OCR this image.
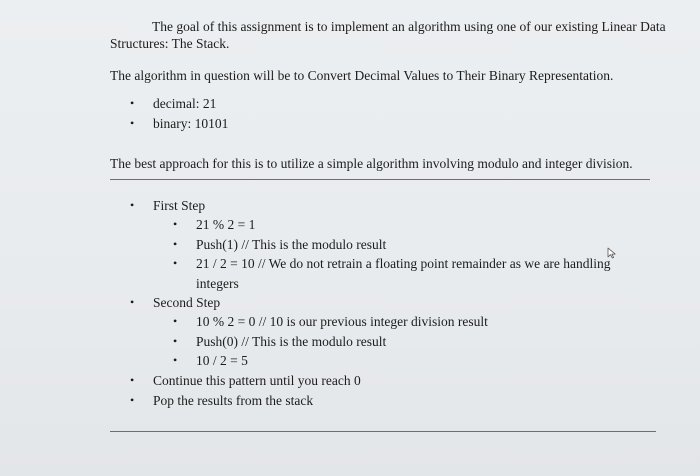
The goal of this assignment is to implement an algorithm using one of our existing Linear Data Structures: The Stack.
The algorithm in question will be to Convert Decimal Values to Their Binary Representation.
• decimal: 21
• binary: 10101
The best approach for this is to utilize a simple algorithm involving modulo and integer division.
• First Step
• 21 % 2 = 1
• Push(1) // This is the modulo result
• 21 / 2 = 10 // We do not retrain a floating point remainder as we are handling integers
• Second Step
• 10 % 2 = 0 // 10 is our previous integer division result
• Push(0) // This is the modulo result
• 10 / 2 = 5
• Continue this pattern until you reach 0
• Pop the results from the stack
